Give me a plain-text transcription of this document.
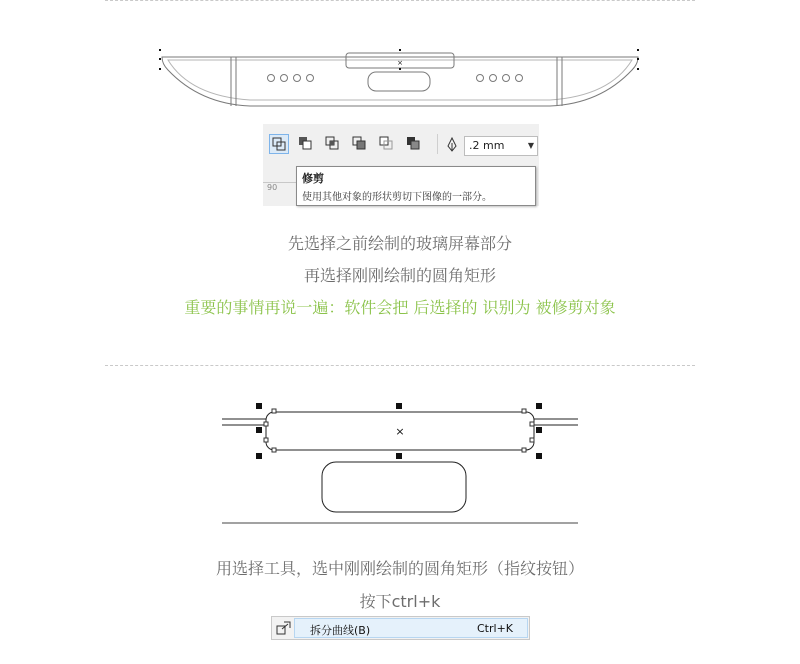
×
.2 mm	▼
90
修剪
使用其他对象的形状剪切下图像的一部分。
先选择之前绘制的玻璃屏幕部分
再选择刚刚绘制的圆角矩形
重要的事情再说一遍：软件会把 后选择的 识别为 被修剪对象
×
用选择工具，选中刚刚绘制的圆角矩形（指纹按钮）
按下ctrl+k
拆分曲线(B)	Ctrl+K
